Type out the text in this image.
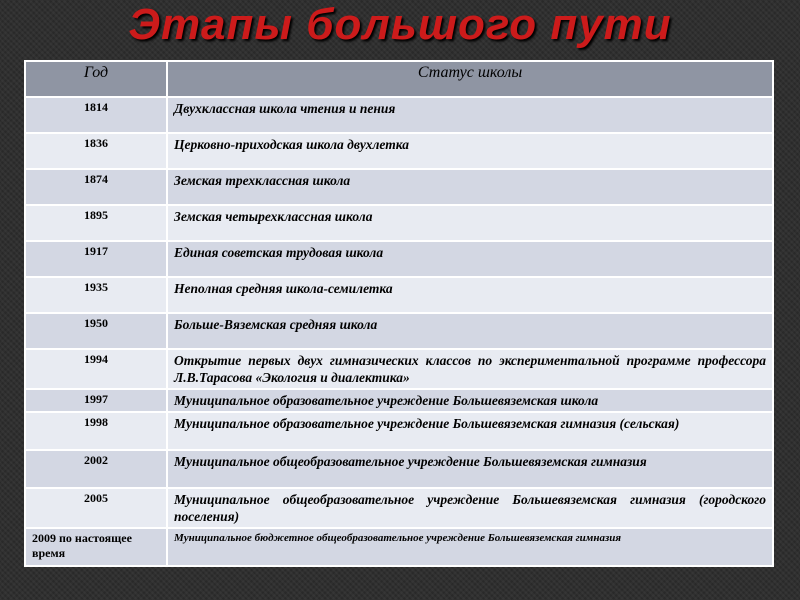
Этапы большого пути
Год	Статус школы
1814	Двухклассная школа чтения и пения
1836	Церковно-приходская школа двухлетка
1874	Земская трехклассная школа
1895	Земская четырехклассная школа
1917	Единая советская трудовая школа
1935	Неполная средняя школа-семилетка
1950	Больше-Вяземская средняя школа
1994	Открытие первых двух гимназических классов по экспериментальной программе профессора Л.В.Тарасова «Экология и диалектика»
1997	Муниципальное образовательное учреждение Большевяземская школа
1998	Муниципальное образовательное учреждение Большевяземская гимназия (сельская)
2002	Муниципальное общеобразовательное учреждение Большевяземская гимназия
2005	Муниципальное общеобразовательное учреждение Большевяземская гимназия (городского поселения)
2009 по настоящее время	Муниципальное бюджетное общеобразовательное учреждение Большевяземская гимназия
